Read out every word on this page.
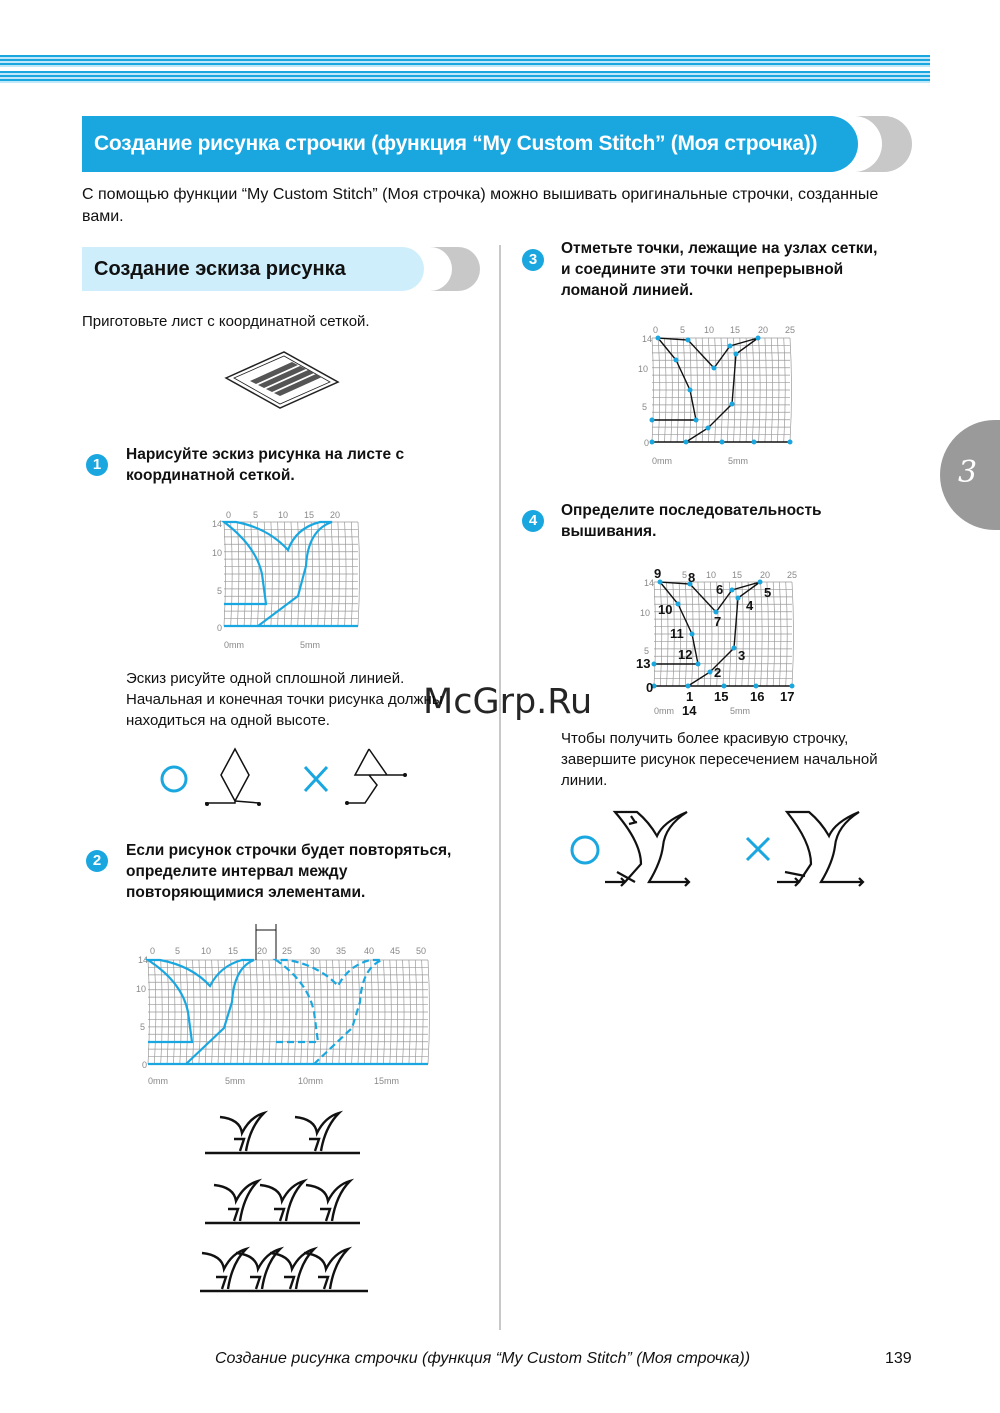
Создание рисунка строчки (функция “My Custom Stitch” (Моя строчка))
С помощью функции “My Custom Stitch” (Моя строчка) можно вышивать оригинальные строчки, созданные вами.
Создание эскиза рисунка
Приготовьте лист с координатной сеткой.
1
Нарисуйте эскиз рисунка на листе с координатной сеткой.
0 5 10 15 20
14
10
5
0
0mm	5mm
Эскиз рисуйте одной сплошной линией. Начальная и конечная точки рисунка должны находиться на одной высоте.
2
Если рисунок строчки будет повторяться, определите интервал между повторяющимися элементами.
0 5 10 15 20 25 30 35 40 45 50
14
10
5
0
0mm	5mm	10mm	15mm
3
Отметьте точки, лежащие на узлах сетки, и соедините эти точки непрерывной ломаной линией.
0 5 10 15 20 25
14
10
5
0
0mm	5mm
4
Определите последовательность вышивания.
5 10 15 20 25
14
10
5
0mm	5mm
9 8
6	5
10	4
7
11
3
12
2
13
0
1 15 16 17
14
Чтобы получить более красивую строчку, завершите рисунок пересечением начальной линии.
3
McGrp.Ru
Создание рисунка строчки (функция “My Custom Stitch” (Моя строчка))	139
